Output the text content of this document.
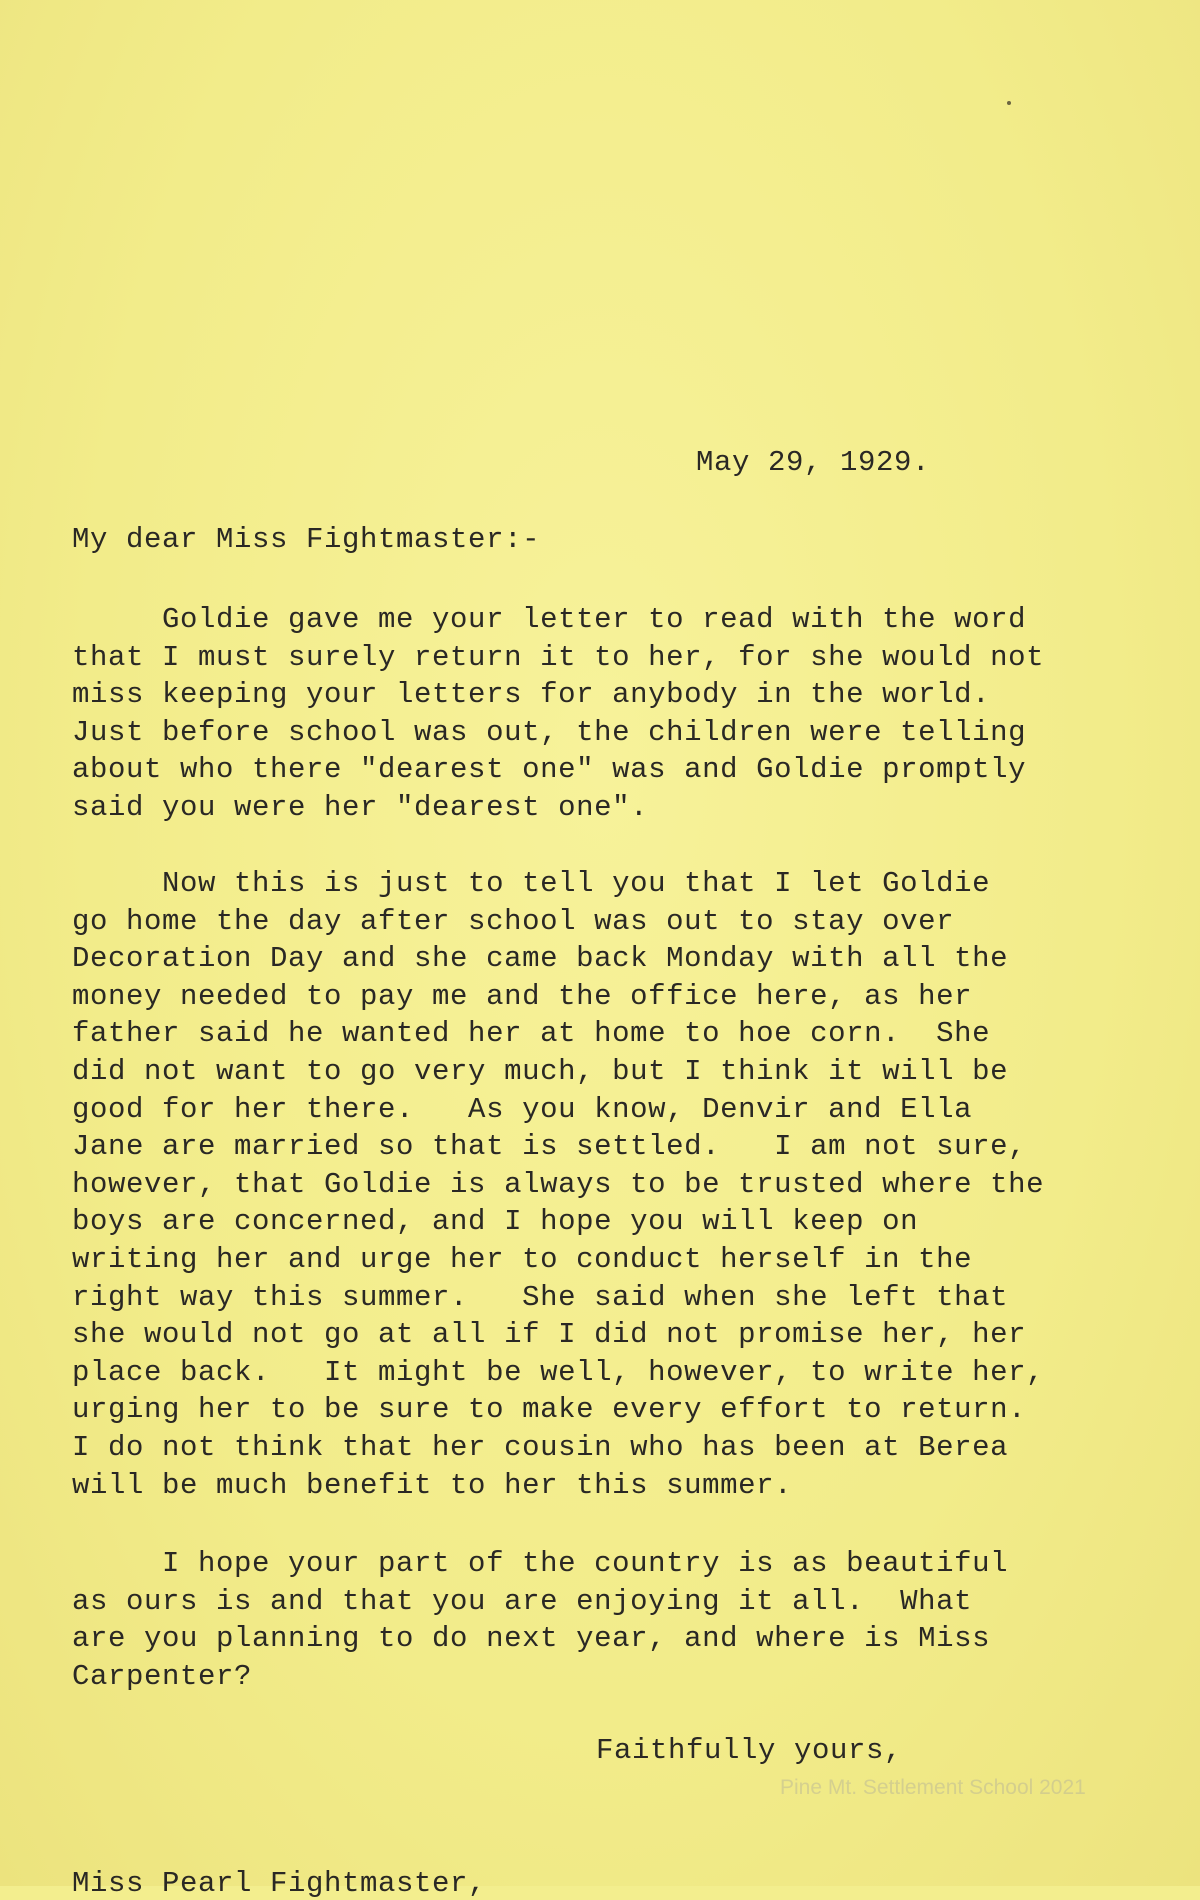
May 29, 1929.
My dear Miss Fightmaster:-
Goldie gave me your letter to read with the word
that I must surely return it to her, for she would not
miss keeping your letters for anybody in the world.
Just before school was out, the children were telling
about who there "dearest one" was and Goldie promptly
said you were her "dearest one".
Now this is just to tell you that I let Goldie
go home the day after school was out to stay over
Decoration Day and she came back Monday with all the
money needed to pay me and the office here, as her
father said he wanted her at home to hoe corn.  She
did not want to go very much, but I think it will be
good for her there.   As you know, Denvir and Ella
Jane are married so that is settled.   I am not sure,
however, that Goldie is always to be trusted where the
boys are concerned, and I hope you will keep on
writing her and urge her to conduct herself in the
right way this summer.   She said when she left that
she would not go at all if I did not promise her, her
place back.   It might be well, however, to write her,
urging her to be sure to make every effort to return.
I do not think that her cousin who has been at Berea
will be much benefit to her this summer.
I hope your part of the country is as beautiful
as ours is and that you are enjoying it all.  What
are you planning to do next year, and where is Miss
Carpenter?
Faithfully yours,
Pine Mt. Settlement School 2021
Miss Pearl Fightmaster,
